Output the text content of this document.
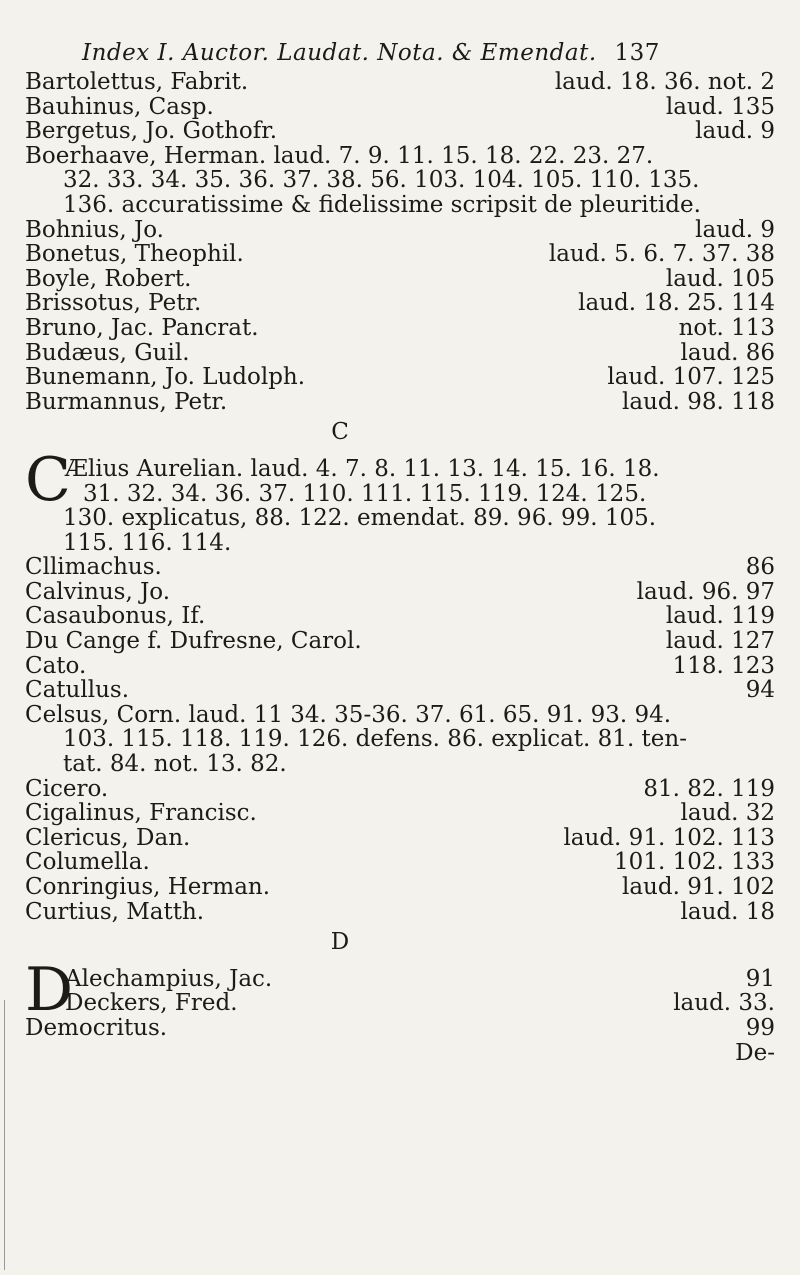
Index I. Auctor. Laudat. Nota. & Emendat. 137
Bartolettus, Fabrit.	laud. 18. 36. not. 2
Bauhinus, Casp.	laud. 135
Bergetus, Jo. Gothofr.	laud. 9
Boerhaave, Herman. laud. 7. 9. 11. 15. 18. 22. 23. 27.
32. 33. 34. 35. 36. 37. 38. 56. 103. 104. 105. 110. 135.
136. accuratissime & fidelissime scripsit de pleuritide.
Bohnius, Jo.	laud. 9
Bonetus, Theophil.	laud. 5. 6. 7. 37. 38
Boyle, Robert.	laud. 105
Brissotus, Petr.	laud. 18. 25. 114
Bruno, Jac. Pancrat.	not. 113
Budæus, Guil.	laud. 86
Bunemann, Jo. Ludolph.	laud. 107. 125
Burmannus, Petr.	laud. 98. 118
C
C
Ælius Aurelian. laud. 4. 7. 8. 11. 13. 14. 15. 16. 18.
31. 32. 34. 36. 37. 110. 111. 115. 119. 124. 125.
130. explicatus, 88. 122. emendat. 89. 96. 99. 105.
115. 116. 114.
Cllimachus.	86
Calvinus, Jo.	laud. 96. 97
Casaubonus, If.	laud. 119
Du Cange f. Dufresne, Carol.	laud. 127
Cato.	118. 123
Catullus.	94
Celsus, Corn. laud. 11 34. 35-36. 37. 61. 65. 91. 93. 94.
103. 115. 118. 119. 126. defens. 86. explicat. 81. ten-
tat. 84. not. 13. 82.
Cicero.	81. 82. 119
Cigalinus, Francisc.	laud. 32
Clericus, Dan.	laud. 91. 102. 113
Columella.	101. 102. 133
Conringius, Herman.	laud. 91. 102
Curtius, Matth.	laud. 18
D
D
Alechampius, Jac.	91
Deckers, Fred.	laud. 33.
Democritus.	99
De-
